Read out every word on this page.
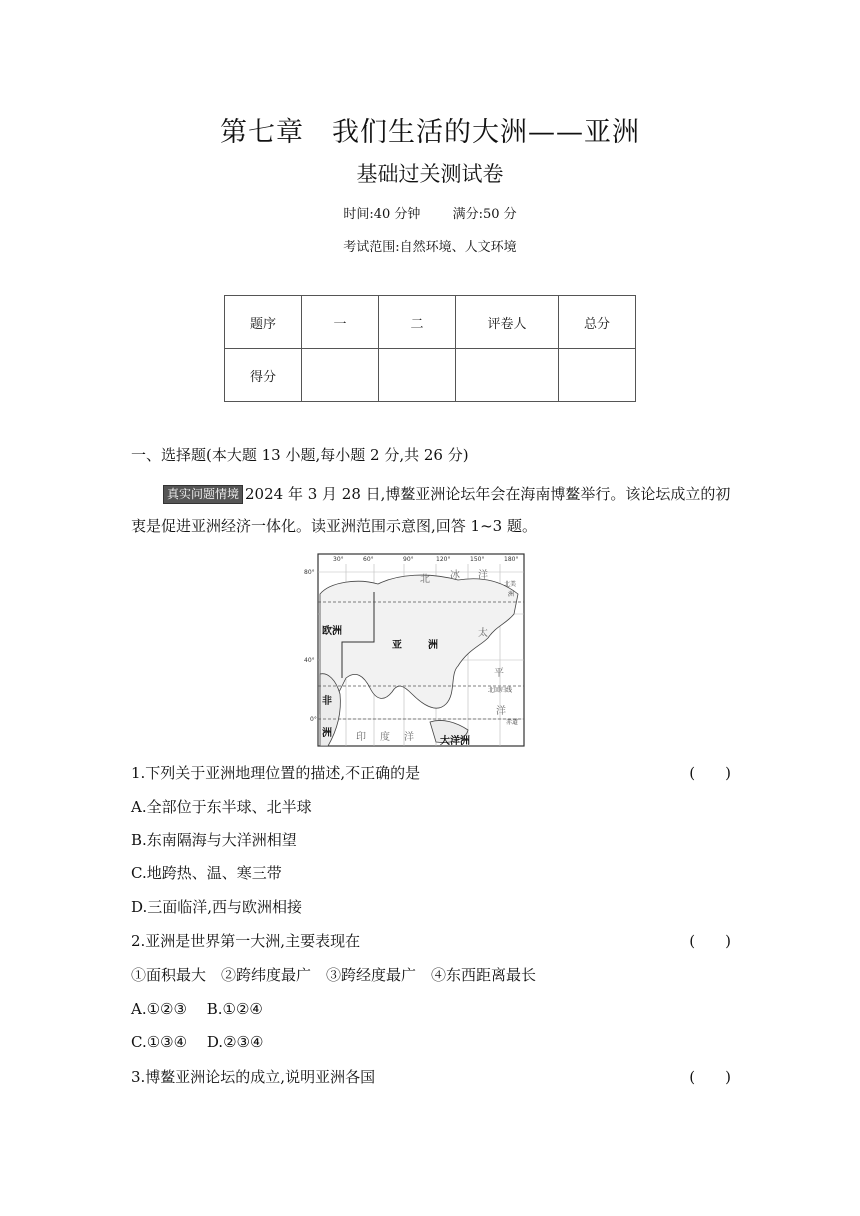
第七章　我们生活的大洲——亚洲
基础过关测试卷
时间:40 分钟 满分:50 分
考试范围:自然环境、人文环境
题序	一	二	评卷人	总分
得分				
一、选择题(本大题 13 小题,每小题 2 分,共 26 分)
真实问题情境 2024 年 3 月 28 日,博鳌亚洲论坛年会在海南博鳌举行。该论坛成立的初衷是促进亚洲经济一体化。读亚洲范围示意图,回答 1~3 题。
30°	60°	90°	120°	150°	180°
80°
40°
0°
欧洲
亚	洲
非
洲
大洋洲
北 冰 洋
太
平
洋
印 度 洋
北美
洲
北回归线
赤道
1.下列关于亚洲地理位置的描述,不正确的是	(　　)
A.全部位于东半球、北半球
B.东南隔海与大洋洲相望
C.地跨热、温、寒三带
D.三面临洋,西与欧洲相接
2.亚洲是世界第一大洲,主要表现在	(　　)
①面积最大　②跨纬度最广　③跨经度最广　④东西距离最长
A.①②③　 B.①②④
C.①③④　 D.②③④
3.博鳌亚洲论坛的成立,说明亚洲各国	(　　)
